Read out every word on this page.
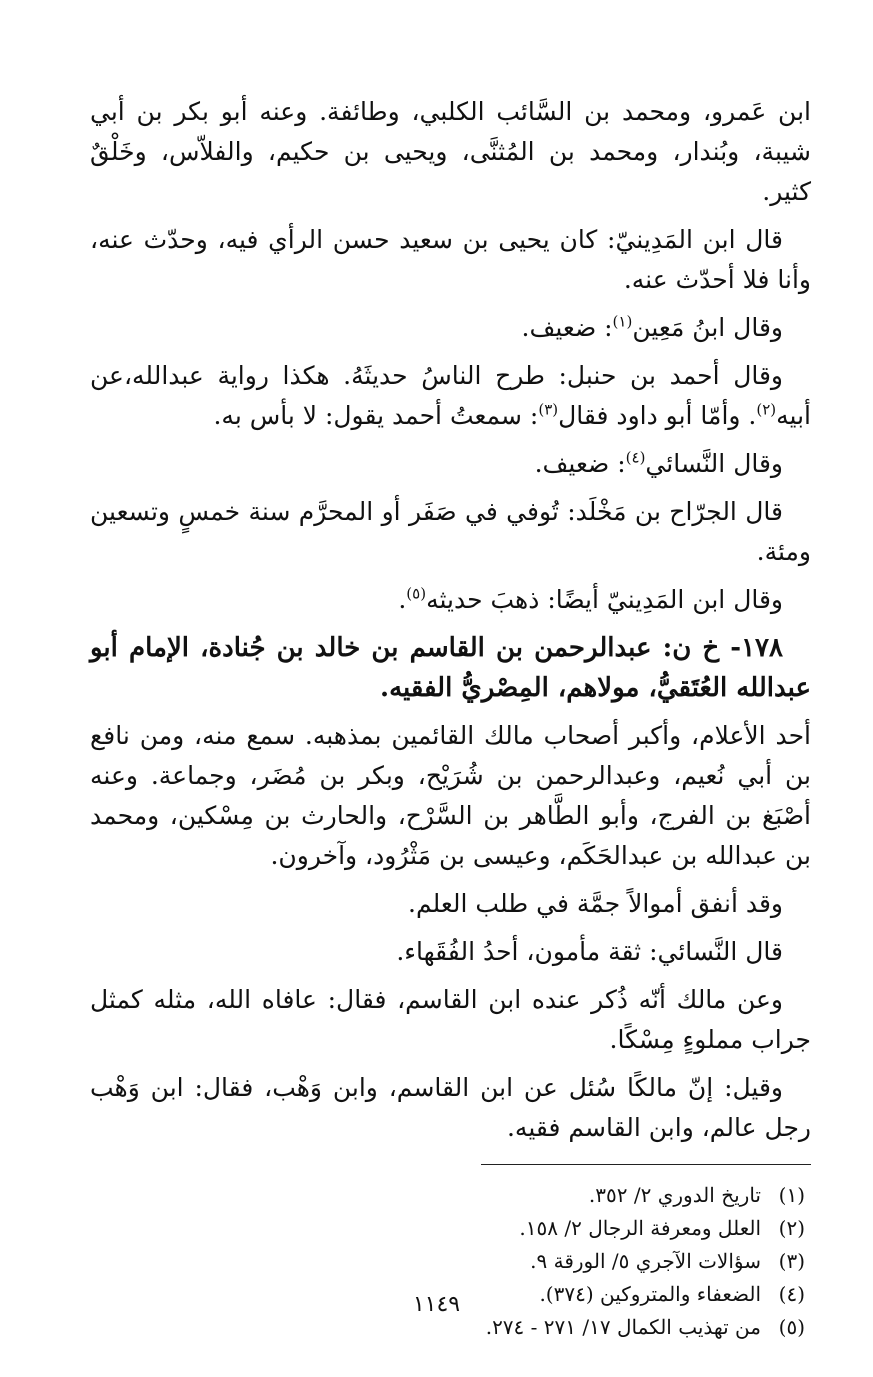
ابن عَمرو، ومحمد بن السَّائب الكلبي، وطائفة. وعنه أبو بكر بن أبي شيبة، وبُندار، ومحمد بن المُثنَّى، ويحيى بن حكيم، والفلاّس، وخَلْقٌ كثير.

قال ابن المَدِينيّ: كان يحيى بن سعيد حسن الرأي فيه، وحدّث عنه، وأنا فلا أحدّث عنه.

وقال ابنُ مَعِين$^{(١)}$: ضعيف.

وقال أحمد بن حنبل: طرح الناسُ حديثَهُ. هكذا رواية عبدالله،عن أبيه$^{(٢)}$. وأمّا أبو داود فقال$^{(٣)}$: سمعتُ أحمد يقول: لا بأس به.

وقال النَّسائي$^{(٤)}$: ضعيف.

قال الجرّاح بن مَخْلَد: تُوفي في صَفَر أو المحرَّم سنة خمسٍ وتسعين ومئة.

وقال ابن المَدِينيّ أيضًا: ذهبَ حديثه$^{(٥)}$.

١٧٨- خ ن: عبدالرحمن بن القاسم بن خالد بن جُنادة، الإمام أبو عبدالله العُتَقيُّ، مولاهم، المِصْريُّ الفقيه.

أحد الأعلام، وأكبر أصحاب مالك القائمين بمذهبه. سمع منه، ومن نافع بن أبي نُعيم، وعبدالرحمن بن شُرَيْح، وبكر بن مُضَر، وجماعة. وعنه أصْبَغ بن الفرج، وأبو الطَّاهر بن السَّرْح، والحارث بن مِسْكين، ومحمد بن عبدالله بن عبدالحَكَم، وعيسى بن مَثْرُود، وآخرون.

وقد أنفق أموالاً جمَّة في طلب العلم.

قال النَّسائي: ثقة مأمون، أحدُ الفُقَهاء.

وعن مالك أنّه ذُكر عنده ابن القاسم، فقال: عافاه الله، مثله كمثل جراب مملوءٍ مِسْكًا.

وقيل: إنّ مالكًا سُئل عن ابن القاسم، وابن وَهْب، فقال: ابن وَهْب رجل عالم، وابن القاسم فقيه.

(١)تاريخ الدوري ٢/ ٣٥٢.

(٢)العلل ومعرفة الرجال ٢/ ١٥٨.

(٣)سؤالات الآجري ٥/ الورقة ٩.

(٤)الضعفاء والمتروكين (٣٧٤).

(٥)من تهذيب الكمال ١٧/ ٢٧١ - ٢٧٤.

١١٤٩
